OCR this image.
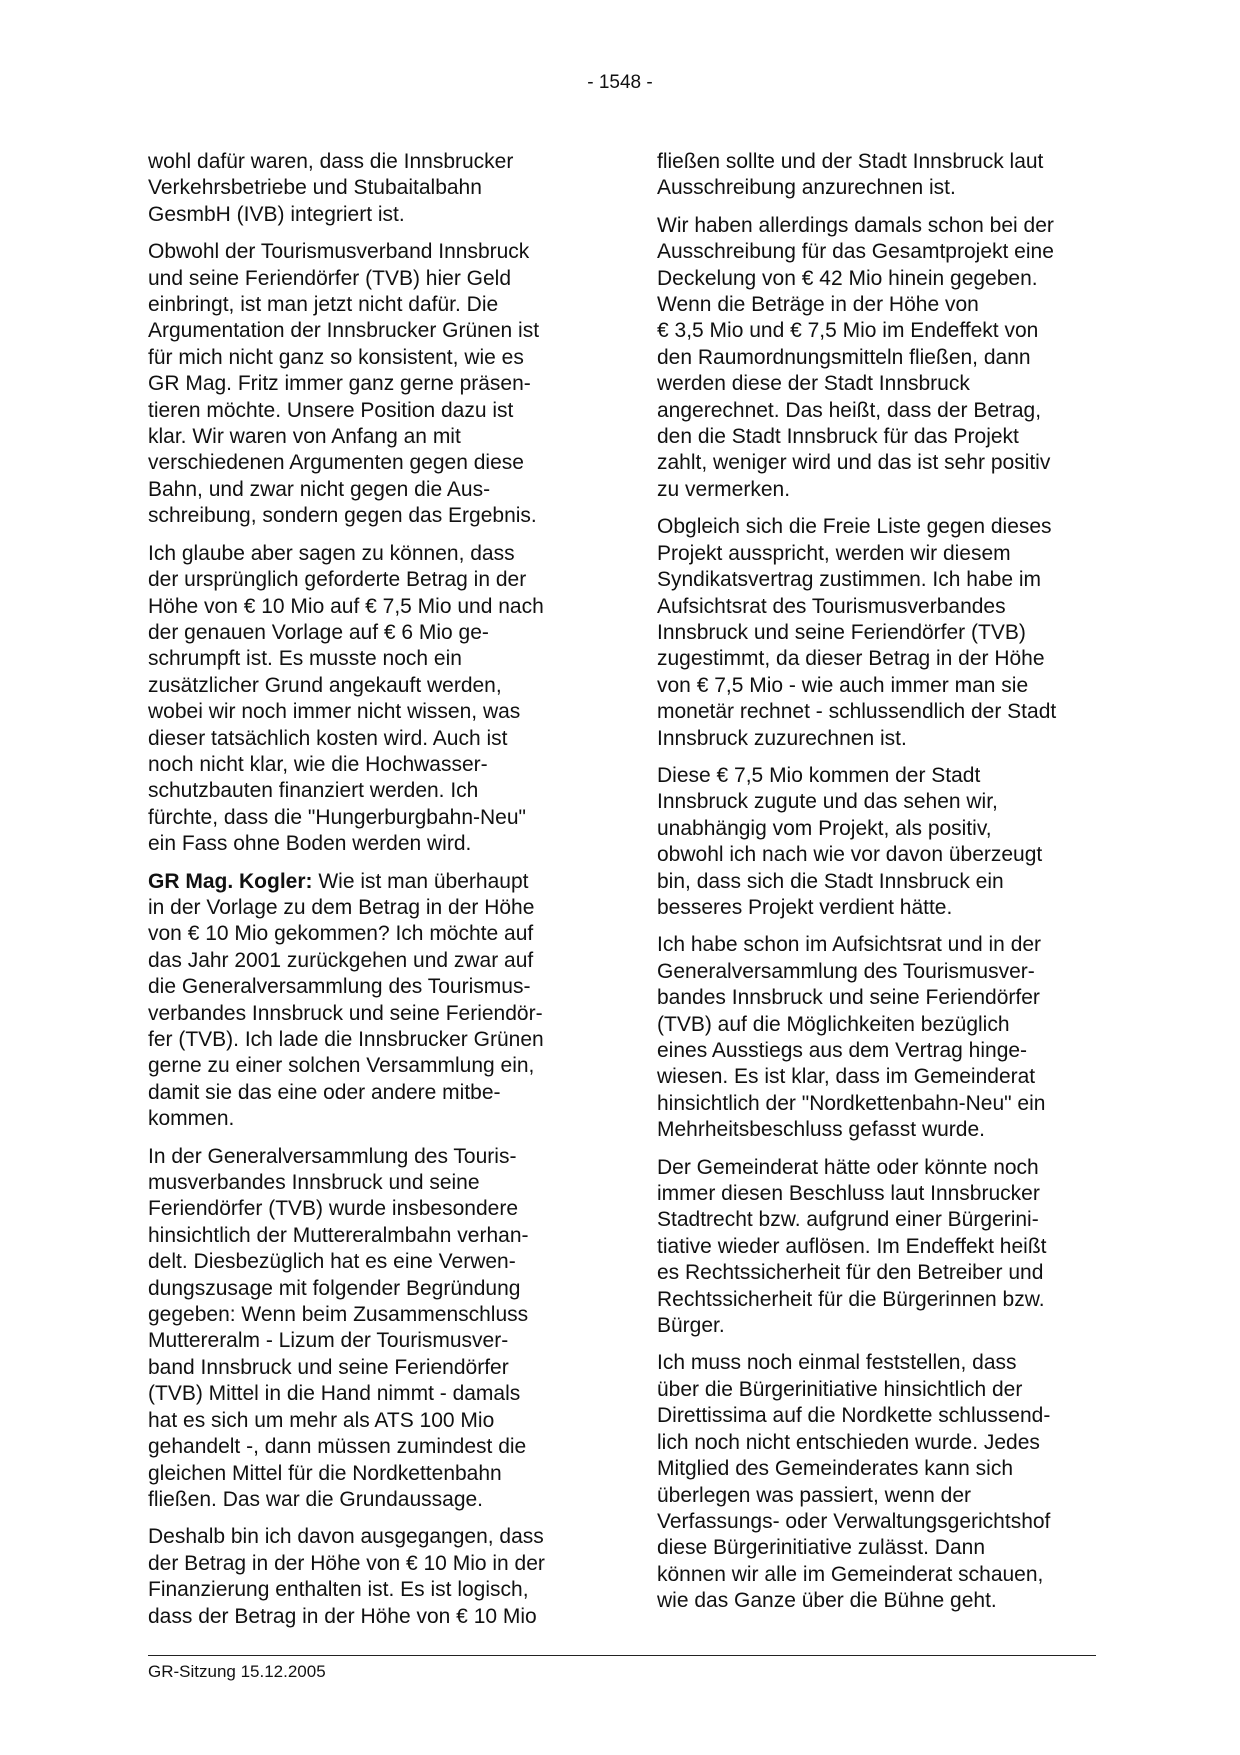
- 1548 -

wohl dafür waren, dass die Innsbrucker
Verkehrsbetriebe und Stubaitalbahn
GesmbH (IVB) integriert ist.

Obwohl der Tourismusverband Innsbruck
und seine Feriendörfer (TVB) hier Geld
einbringt, ist man jetzt nicht dafür. Die
Argumentation der Innsbrucker Grünen ist
für mich nicht ganz so konsistent, wie es
GR Mag. Fritz immer ganz gerne präsen-
tieren möchte. Unsere Position dazu ist
klar. Wir waren von Anfang an mit
verschiedenen Argumenten gegen diese
Bahn, und zwar nicht gegen die Aus-
schreibung, sondern gegen das Ergebnis.

Ich glaube aber sagen zu können, dass
der ursprünglich geforderte Betrag in der
Höhe von € 10 Mio auf € 7,5 Mio und nach
der genauen Vorlage auf € 6 Mio ge-
schrumpft ist. Es musste noch ein
zusätzlicher Grund angekauft werden,
wobei wir noch immer nicht wissen, was
dieser tatsächlich kosten wird. Auch ist
noch nicht klar, wie die Hochwasser-
schutzbauten finanziert werden. Ich
fürchte, dass die "Hungerburgbahn-Neu"
ein Fass ohne Boden werden wird.

GR Mag. Kogler: Wie ist man überhaupt
in der Vorlage zu dem Betrag in der Höhe
von € 10 Mio gekommen? Ich möchte auf
das Jahr 2001 zurückgehen und zwar auf
die Generalversammlung des Tourismus-
verbandes Innsbruck und seine Feriendör-
fer (TVB). Ich lade die Innsbrucker Grünen
gerne zu einer solchen Versammlung ein,
damit sie das eine oder andere mitbe-
kommen.

In der Generalversammlung des Touris-
musverbandes Innsbruck und seine
Feriendörfer (TVB) wurde insbesondere
hinsichtlich der Muttereralmbahn verhan-
delt. Diesbezüglich hat es eine Verwen-
dungszusage mit folgender Begründung
gegeben: Wenn beim Zusammenschluss
Muttereralm - Lizum der Tourismusver-
band Innsbruck und seine Feriendörfer
(TVB) Mittel in die Hand nimmt - damals
hat es sich um mehr als ATS 100 Mio
gehandelt -, dann müssen zumindest die
gleichen Mittel für die Nordkettenbahn
fließen. Das war die Grundaussage.

Deshalb bin ich davon ausgegangen, dass
der Betrag in der Höhe von € 10 Mio in der
Finanzierung enthalten ist. Es ist logisch,
dass der Betrag in der Höhe von € 10 Mio

fließen sollte und der Stadt Innsbruck laut
Ausschreibung anzurechnen ist.

Wir haben allerdings damals schon bei der
Ausschreibung für das Gesamtprojekt eine
Deckelung von € 42 Mio hinein gegeben.
Wenn die Beträge in der Höhe von
€ 3,5 Mio und € 7,5 Mio im Endeffekt von
den Raumordnungsmitteln fließen, dann
werden diese der Stadt Innsbruck
angerechnet. Das heißt, dass der Betrag,
den die Stadt Innsbruck für das Projekt
zahlt, weniger wird und das ist sehr positiv
zu vermerken.

Obgleich sich die Freie Liste gegen dieses
Projekt ausspricht, werden wir diesem
Syndikatsvertrag zustimmen. Ich habe im
Aufsichtsrat des Tourismusverbandes
Innsbruck und seine Feriendörfer (TVB)
zugestimmt, da dieser Betrag in der Höhe
von € 7,5 Mio - wie auch immer man sie
monetär rechnet - schlussendlich der Stadt
Innsbruck zuzurechnen ist.

Diese € 7,5 Mio kommen der Stadt
Innsbruck zugute und das sehen wir,
unabhängig vom Projekt, als positiv,
obwohl ich nach wie vor davon überzeugt
bin, dass sich die Stadt Innsbruck ein
besseres Projekt verdient hätte.

Ich habe schon im Aufsichtsrat und in der
Generalversammlung des Tourismusver-
bandes Innsbruck und seine Feriendörfer
(TVB) auf die Möglichkeiten bezüglich
eines Ausstiegs aus dem Vertrag hinge-
wiesen. Es ist klar, dass im Gemeinderat
hinsichtlich der "Nordkettenbahn-Neu" ein
Mehrheitsbeschluss gefasst wurde.

Der Gemeinderat hätte oder könnte noch
immer diesen Beschluss laut Innsbrucker
Stadtrecht bzw. aufgrund einer Bürgerini-
tiative wieder auflösen. Im Endeffekt heißt
es Rechtssicherheit für den Betreiber und
Rechtssicherheit für die Bürgerinnen bzw.
Bürger.

Ich muss noch einmal feststellen, dass
über die Bürgerinitiative hinsichtlich der
Direttissima auf die Nordkette schlussend-
lich noch nicht entschieden wurde. Jedes
Mitglied des Gemeinderates kann sich
überlegen was passiert, wenn der
Verfassungs- oder Verwaltungsgerichtshof
diese Bürgerinitiative zulässt. Dann
können wir alle im Gemeinderat schauen,
wie das Ganze über die Bühne geht.

GR-Sitzung 15.12.2005
